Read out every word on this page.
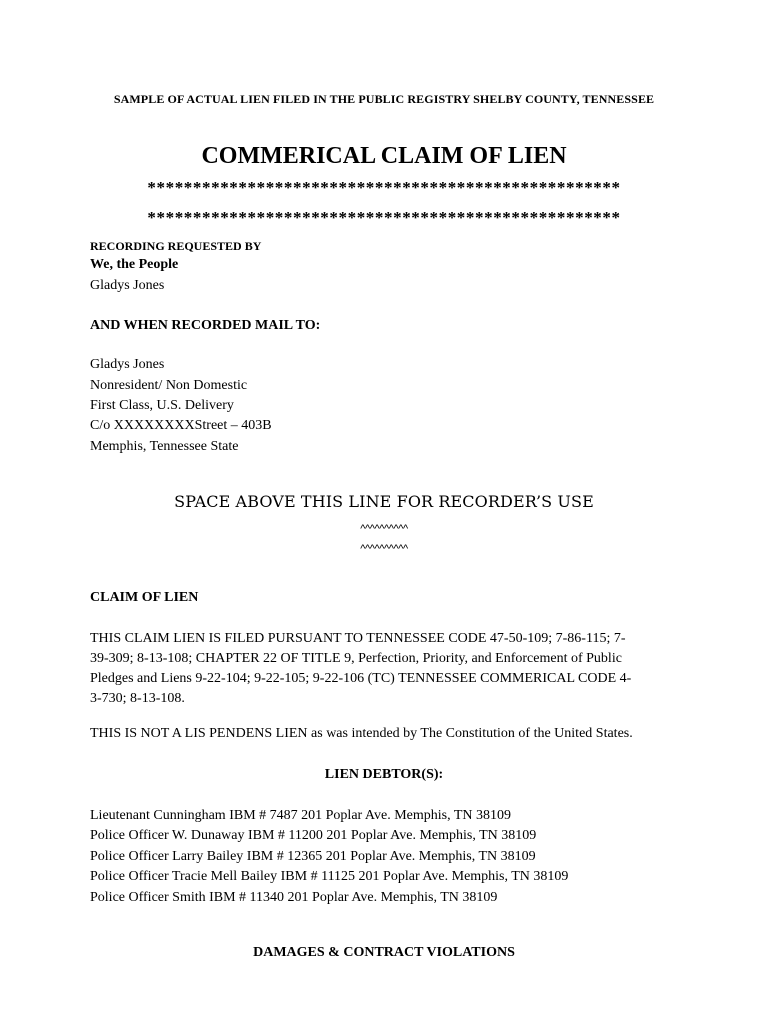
SAMPLE OF ACTUAL LIEN FILED IN THE PUBLIC REGISTRY SHELBY COUNTY, TENNESSEE
COMMERICAL CLAIM OF LIEN
****************************************************
****************************************************
RECORDING REQUESTED BY
We, the People
Gladys Jones
AND WHEN RECORDED MAIL TO:
Gladys Jones
Nonresident/ Non Domestic
First Class, U.S. Delivery
C/o XXXXXXXXStreet – 403B
Memphis, Tennessee State
SPACE ABOVE THIS LINE FOR RECORDER’S USE
^^^^^^^^^^
^^^^^^^^^^
CLAIM OF LIEN
THIS CLAIM LIEN IS FILED PURSUANT TO TENNESSEE CODE 47-50-109; 7-86-115; 7-
39-309; 8-13-108; CHAPTER 22 OF TITLE 9, Perfection, Priority, and Enforcement of Public
Pledges and Liens 9-22-104; 9-22-105; 9-22-106 (TC) TENNESSEE COMMERICAL CODE 4-
3-730; 8-13-108.
THIS IS NOT A LIS PENDENS LIEN as was intended by The Constitution of the United States.
LIEN DEBTOR(S):
Lieutenant Cunningham IBM # 7487 201 Poplar Ave. Memphis, TN 38109
Police Officer W. Dunaway IBM # 11200 201 Poplar Ave. Memphis, TN 38109
Police Officer Larry Bailey IBM # 12365 201 Poplar Ave. Memphis, TN 38109
Police Officer Tracie Mell Bailey IBM # 11125 201 Poplar Ave. Memphis, TN 38109
Police Officer Smith IBM # 11340 201 Poplar Ave. Memphis, TN 38109
DAMAGES & CONTRACT VIOLATIONS
